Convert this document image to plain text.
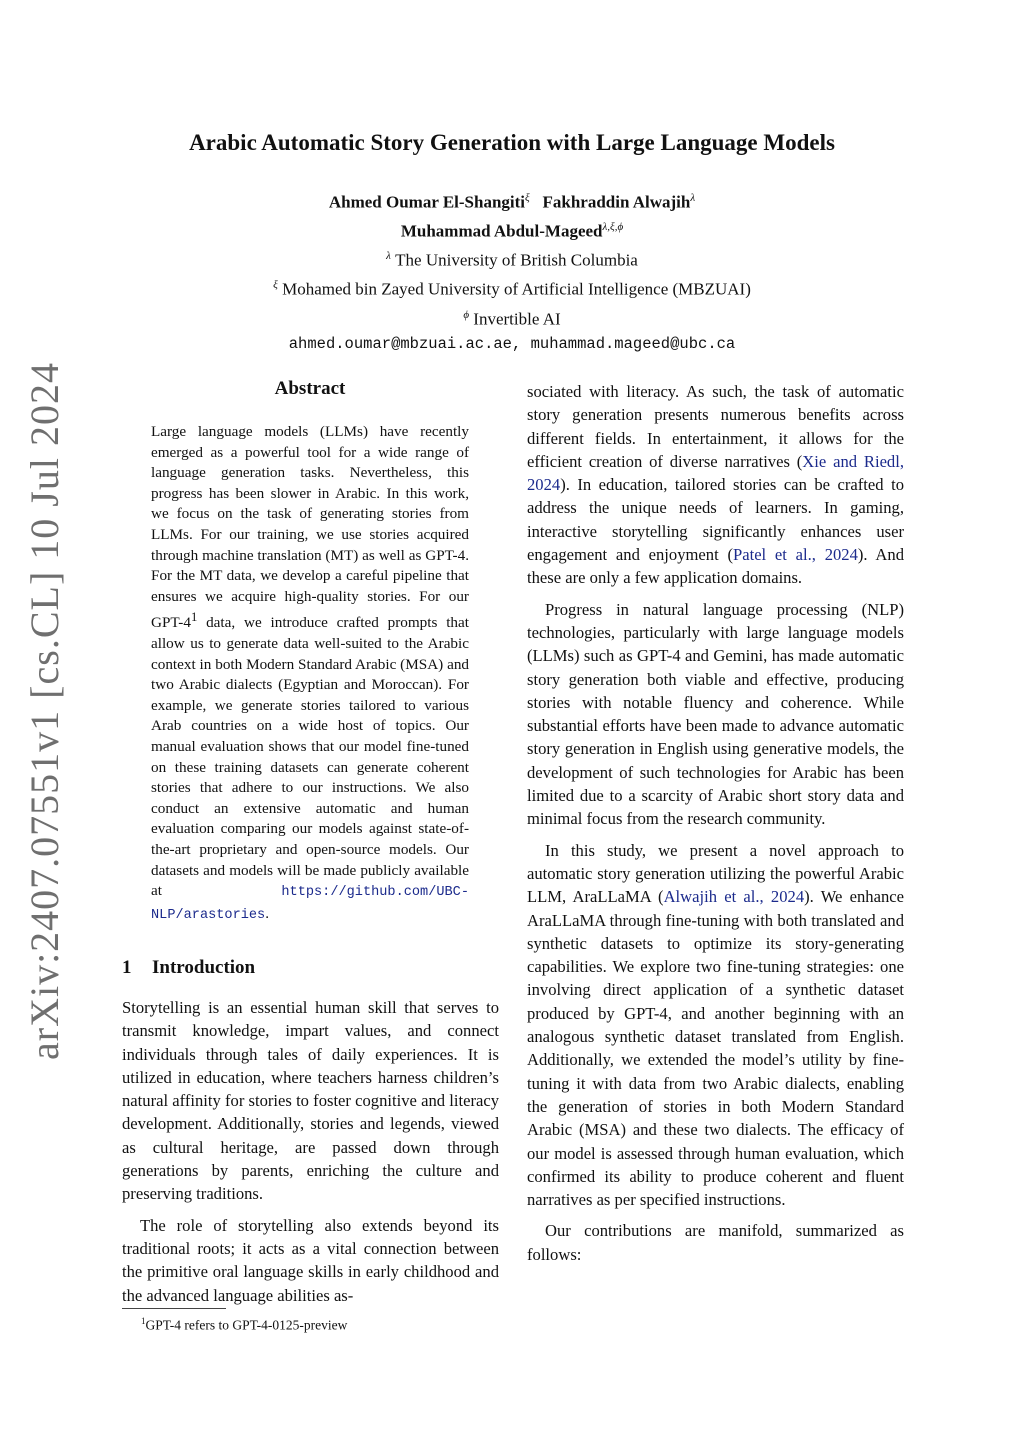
arXiv:2407.07551v1 [cs.CL] 10 Jul 2024
Arabic Automatic Story Generation with Large Language Models
Ahmed Oumar El-Shangiti$^\xi$ Fakhraddin Alwajih$^\lambda$
Muhammad Abdul-Mageed$^{\lambda,\xi,\phi}$
$^\lambda$ The University of British Columbia
$^\xi$ Mohamed bin Zayed University of Artificial Intelligence (MBZUAI)
$^\phi$ Invertible AI
ahmed.oumar@mbzuai.ac.ae, muhammad.mageed@ubc.ca
Abstract
Large language models (LLMs) have recently emerged as a powerful tool for a wide range of language generation tasks. Nevertheless, this progress has been slower in Arabic. In this work, we focus on the task of generating stories from LLMs. For our training, we use stories acquired through machine translation (MT) as well as GPT-4. For the MT data, we develop a careful pipeline that ensures we acquire high-quality stories. For our GPT-$4^1$ data, we introduce crafted prompts that allow us to generate data well-suited to the Arabic context in both Modern Standard Arabic (MSA) and two Arabic dialects (Egyptian and Moroccan). For example, we generate stories tailored to various Arab countries on a wide host of topics. Our manual evaluation shows that our model fine-tuned on these training datasets can generate coherent stories that adhere to our instructions. We also conduct an extensive automatic and human evaluation comparing our models against state-of-the-art proprietary and open-source models. Our datasets and models will be made publicly available at https://github.com/UBC-NLP/arastories.
1 Introduction

Storytelling is an essential human skill that serves to transmit knowledge, impart values, and connect individuals through tales of daily experiences. It is utilized in education, where teachers harness children’s natural affinity for stories to foster cognitive and literacy development. Additionally, stories and legends, viewed as cultural heritage, are passed down through generations by parents, enriching the culture and preserving traditions.

The role of storytelling also extends beyond its traditional roots; it acts as a vital connection between the primitive oral language skills in early childhood and the advanced language abilities as-

sociated with literacy. As such, the task of automatic story generation presents numerous benefits across different fields. In entertainment, it allows for the efficient creation of diverse narratives (Xie and Riedl, 2024). In education, tailored stories can be crafted to address the unique needs of learners. In gaming, interactive storytelling significantly enhances user engagement and enjoyment (Patel et al., 2024). And these are only a few application domains.

Progress in natural language processing (NLP) technologies, particularly with large language models (LLMs) such as GPT-4 and Gemini, has made automatic story generation both viable and effective, producing stories with notable fluency and coherence. While substantial efforts have been made to advance automatic story generation in English using generative models, the development of such technologies for Arabic has been limited due to a scarcity of Arabic short story data and minimal focus from the research community.

In this study, we present a novel approach to automatic story generation utilizing the powerful Arabic LLM, AraLLaMA (Alwajih et al., 2024). We enhance AraLLaMA through fine-tuning with both translated and synthetic datasets to optimize its story-generating capabilities. We explore two fine-tuning strategies: one involving direct application of a synthetic dataset produced by GPT-4, and another beginning with an analogous synthetic dataset translated from English. Additionally, we extended the model’s utility by fine-tuning it with data from two Arabic dialects, enabling the generation of stories in both Modern Standard Arabic (MSA) and these two dialects. The efficacy of our model is assessed through human evaluation, which confirmed its ability to produce coherent and fluent narratives as per specified instructions.

Our contributions are manifold, summarized as follows:

$^1$GPT-4 refers to GPT-4-0125-preview
